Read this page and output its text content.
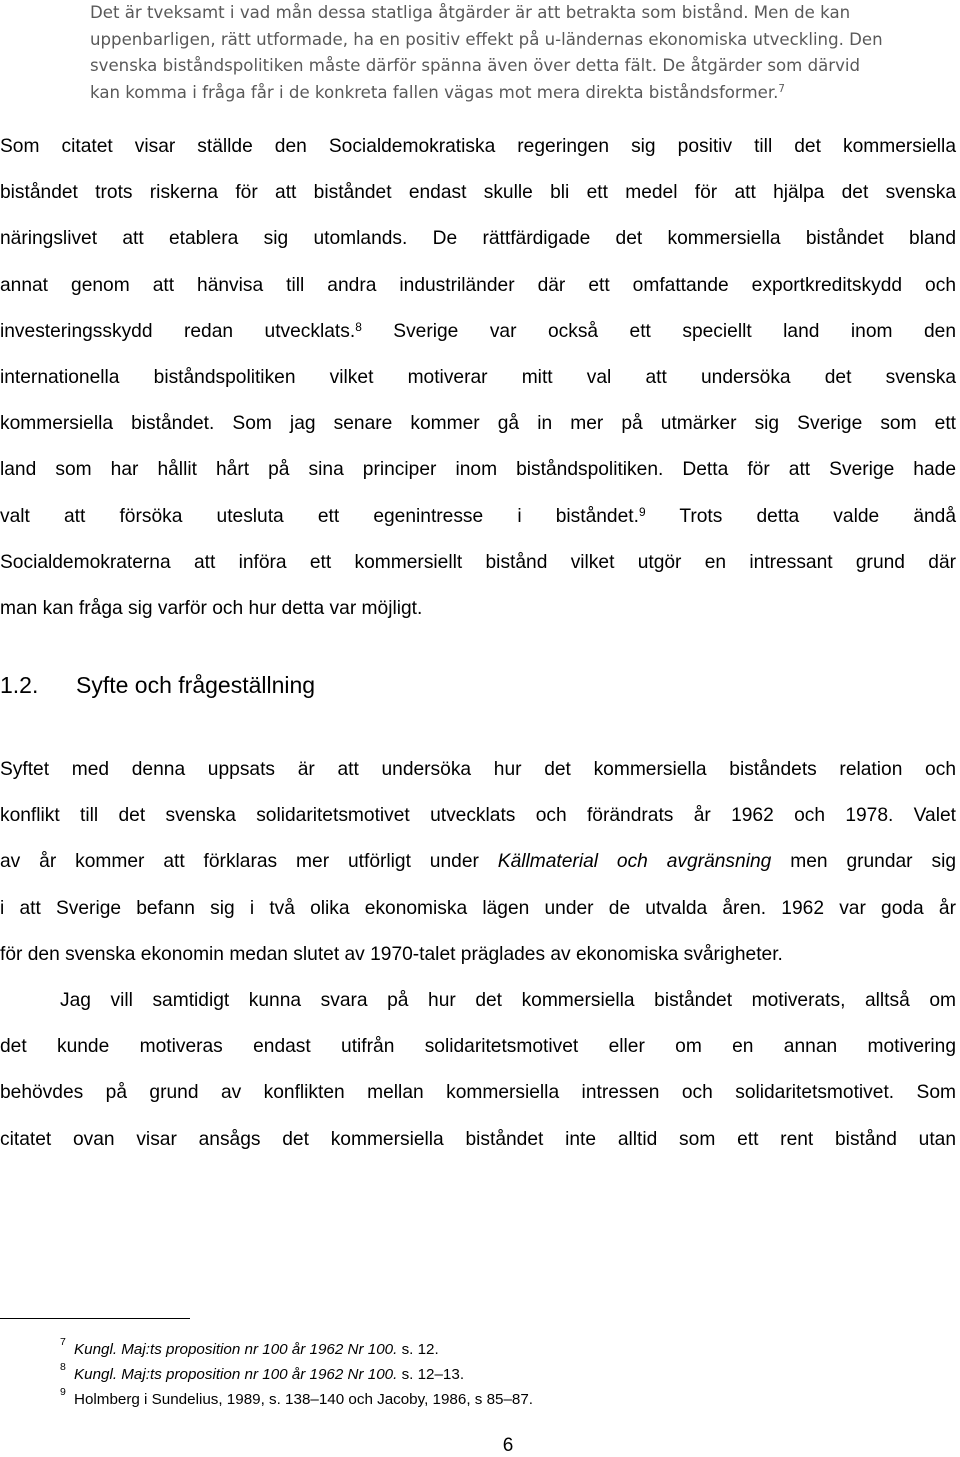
Det är tveksamt i vad mån dessa statliga åtgärder är att betrakta som bistånd. Men de kan
uppenbarligen, rätt utformade, ha en positiv effekt på u-ländernas ekonomiska utveckling. Den
svenska biståndspolitiken måste därför spänna även över detta fält. De åtgärder som därvid
kan komma i fråga får i de konkreta fallen vägas mot mera direkta biståndsformer.$^7$
Som citatet visar ställde den Socialdemokratiska regeringen sig positiv till det kommersiella
biståndet trots riskerna för att biståndet endast skulle bli ett medel för att hjälpa det svenska
näringslivet att etablera sig utomlands. De rättfärdigade det kommersiella biståndet bland
annat genom att hänvisa till andra industriländer där ett omfattande exportkreditskydd och
investeringsskydd redan utvecklats.$^8$ Sverige var också ett speciellt land inom den
internationella biståndspolitiken vilket motiverar mitt val att undersöka det svenska
kommersiella biståndet. Som jag senare kommer gå in mer på utmärker sig Sverige som ett
land som har hållit hårt på sina principer inom biståndspolitiken. Detta för att Sverige hade
valt att försöka utesluta ett egenintresse i biståndet.$^9$ Trots detta valde ändå
Socialdemokraterna att införa ett kommersiellt bistånd vilket utgör en intressant grund där
man kan fråga sig varför och hur detta var möjligt.
1.2. Syfte och frågeställning
Syftet med denna uppsats är att undersöka hur det kommersiella biståndets relation och
konflikt till det svenska solidaritetsmotivet utvecklats och förändrats år 1962 och 1978. Valet
av år kommer att förklaras mer utförligt under Källmaterial och avgränsning men grundar sig
i att Sverige befann sig i två olika ekonomiska lägen under de utvalda åren. 1962 var goda år
för den svenska ekonomin medan slutet av 1970-talet präglades av ekonomiska svårigheter.
Jag vill samtidigt kunna svara på hur det kommersiella biståndet motiverats, alltså om
det kunde motiveras endast utifrån solidaritetsmotivet eller om en annan motivering
behövdes på grund av konflikten mellan kommersiella intressen och solidaritetsmotivet. Som
citatet ovan visar ansågs det kommersiella biståndet inte alltid som ett rent bistånd utan
7 Kungl. Maj:ts proposition nr 100 år 1962 Nr 100. s. 12.
8 Kungl. Maj:ts proposition nr 100 år 1962 Nr 100. s. 12–13.
9 Holmberg i Sundelius, 1989, s. 138–140 och Jacoby, 1986, s 85–87.
6
